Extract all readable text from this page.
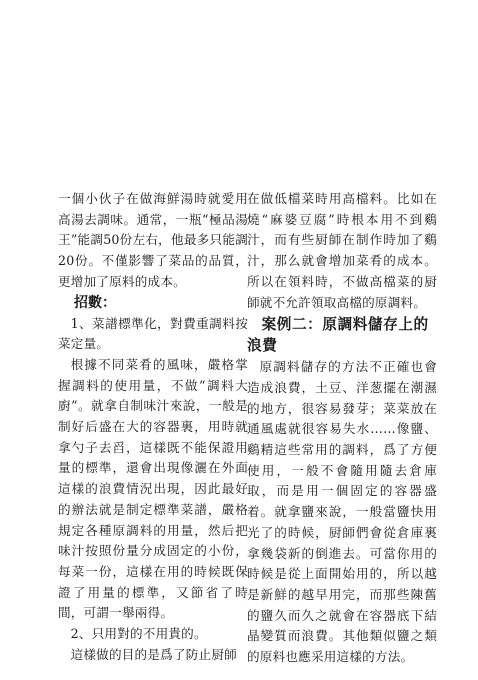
一個小伙子在做海鮮湯時就愛用高湯去調味。通常，一瓶“極品湯王”能調50份左右，他最多只能調20份。不僅影響了菜品的品質，更增加了原料的成本。

招數：

1、菜譜標準化，對費重調料按菜定量。

根據不同菜肴的風味，嚴格掌握調料的使用量，不做“調料大廚”。就拿自制味汁來說，一般是制好后盛在大的容器裏，用時就拿勺子去舀，這樣既不能保證用量的標準，還會出現像灑在外面這樣的浪費情況出現，因此最好的辦法就是制定標準菜譜，嚴格規定各種原調料的用量，然后把味汁按照份量分成固定的小份，每菜一份，這樣在用的時候既保證了用量的標準，又節省了時間，可謂一舉兩得。

2、只用對的不用貴的。

這樣做的目的是爲了防止厨師

在做低檔菜時用高檔料。比如在燒“麻婆豆腐”時根本用不到鷄汁，而有些厨師在制作時加了鷄汁，那么就會增加菜肴的成本。所以在領料時，不做高檔菜的厨師就不允許領取高檔的原調料。

案例二：原調料儲存上的浪費

原調料儲存的方法不正確也會造成浪費，土豆、洋葱擺在潮濕的地方，很容易發芽；菜菜放在通風處就很容易失水……像鹽、鷄精這些常用的調料，爲了方便使用，一般不會隨用隨去倉庫取，而是用一個固定的容器盛着。就拿鹽來說，一般當鹽快用光了的時候，厨師們會從倉庫裏拿幾袋新的倒進去。可當你用的時候是從上面開始用的，所以越是新鮮的越早用完，而那些陳舊的鹽久而久之就會在容器底下結晶變質而浪費。其他類似鹽之類的原料也應采用這樣的方法。
